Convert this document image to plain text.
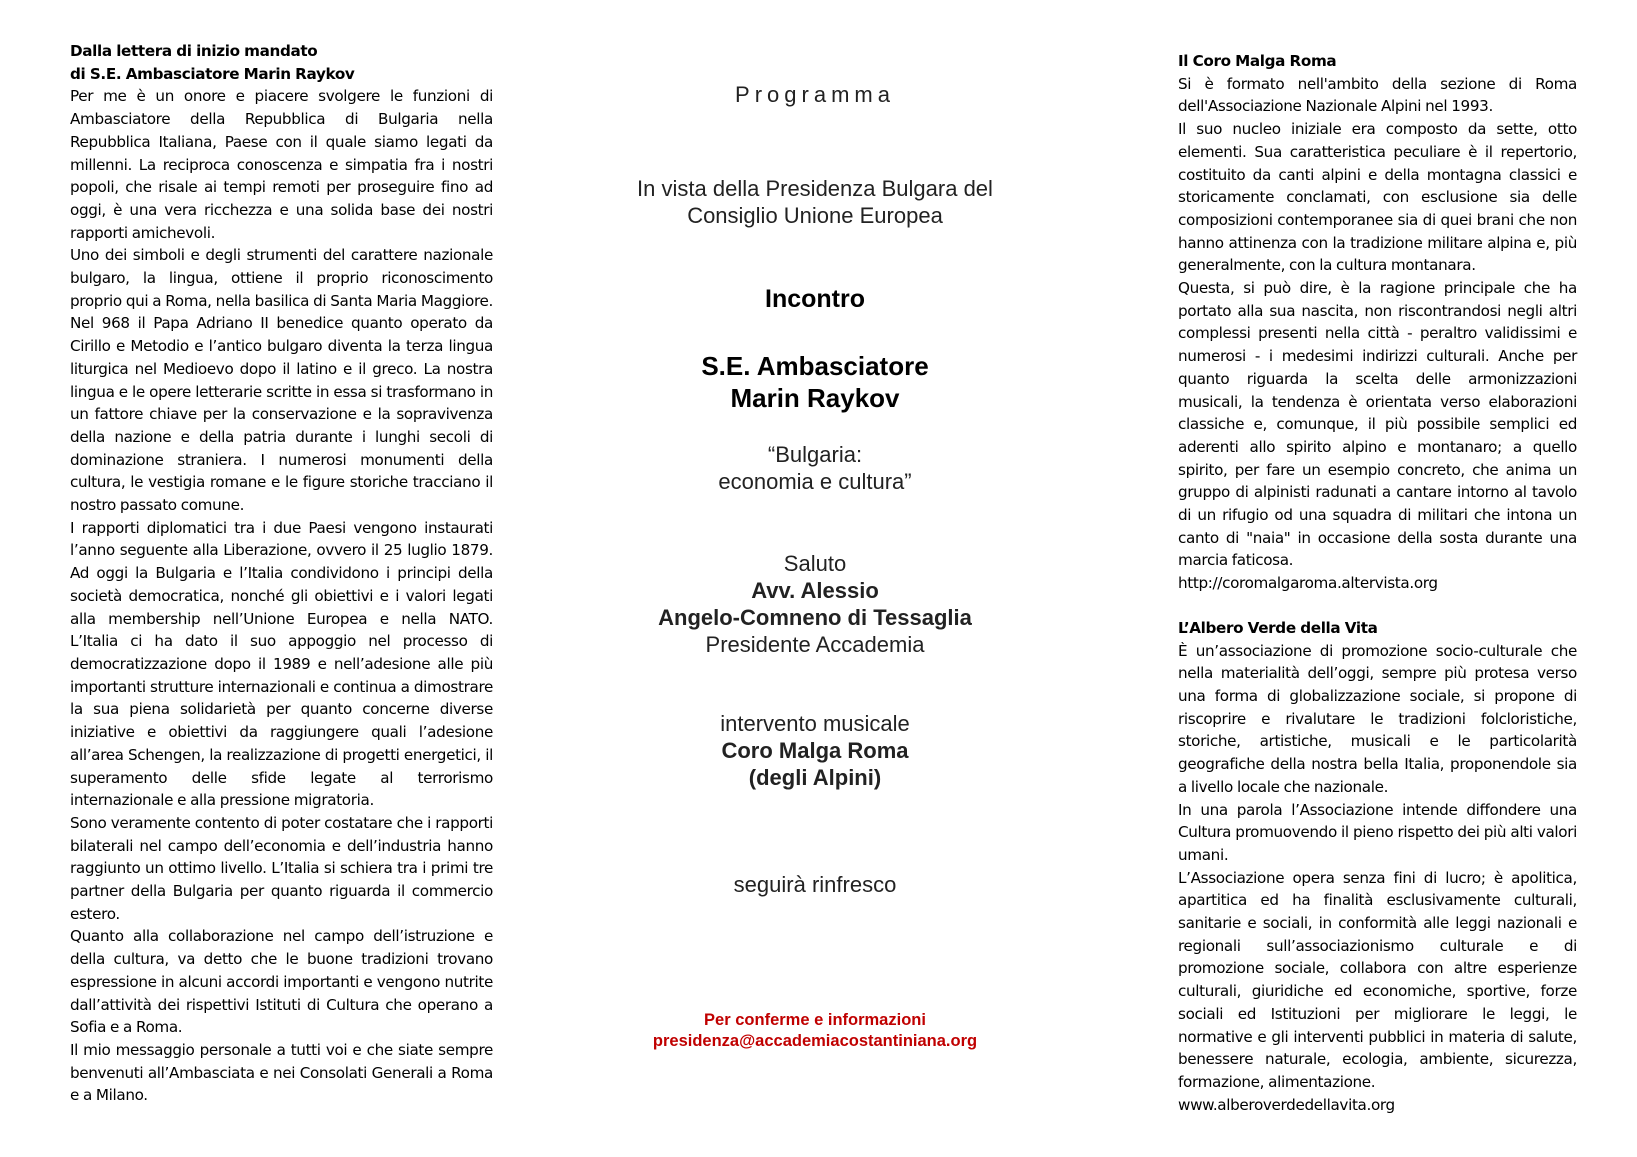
Dalla lettera di inizio mandato

di S.E. Ambasciatore Marin Raykov

Per me è un onore e piacere svolgere le funzioni di Ambasciatore della Repubblica di Bulgaria nella Repubblica Italiana, Paese con il quale siamo legati da millenni. La reciproca conoscenza e simpatia fra i nostri popoli, che risale ai tempi remoti per proseguire fino ad oggi, è una vera ricchezza e una solida base dei nostri rapporti amichevoli.

Uno dei simboli e degli strumenti del carattere nazionale bulgaro, la lingua, ottiene il proprio riconoscimento proprio qui a Roma, nella basilica di Santa Maria Maggiore. Nel 968 il Papa Adriano II benedice quanto operato da Cirillo e Metodio e l’antico bulgaro diventa la terza lingua liturgica nel Medioevo dopo il latino e il greco. La nostra lingua e le opere letterarie scritte in essa si trasformano in un fattore chiave per la conservazione e la sopravivenza della nazione e della patria durante i lunghi secoli di dominazione straniera. I numerosi monumenti della cultura, le vestigia romane e le figure storiche tracciano il nostro passato comune.

I rapporti diplomatici tra i due Paesi vengono instaurati l’anno seguente alla Liberazione, ovvero il 25 luglio 1879. Ad oggi la Bulgaria e l’Italia condividono i principi della società democratica, nonché gli obiettivi e i valori legati alla membership nell’Unione Europea e nella NATO. L’Italia ci ha dato il suo appoggio nel processo di democratizzazione dopo il 1989 e nell’adesione alle più importanti strutture internazionali e continua a dimostrare la sua piena solidarietà per quanto concerne diverse iniziative e obiettivi da raggiungere quali l’adesione all’area Schengen, la realizzazione di progetti energetici, il superamento delle sfide legate al terrorismo internazionale e alla pressione migratoria.

Sono veramente contento di poter costatare che i rapporti bilaterali nel campo dell’economia e dell’industria hanno raggiunto un ottimo livello. L’Italia si schiera tra i primi tre partner della Bulgaria per quanto riguarda il commercio estero.

Quanto alla collaborazione nel campo dell’istruzione e della cultura, va detto che le buone tradizioni trovano espressione in alcuni accordi importanti e vengono nutrite dall’attività dei rispettivi Istituti di Cultura che operano a Sofia e a Roma.

Il mio messaggio personale a tutti voi e che siate sempre benvenuti all’Ambasciata e nei Consolati Generali a Roma e a Milano.

Programma

In vista della Presidenza Bulgara del
Consiglio Unione Europea

Incontro

S.E. Ambasciatore
Marin Raykov

“Bulgaria:
economia e cultura”

Saluto
Avv. Alessio
Angelo-Comneno di Tessaglia
Presidente Accademia

intervento musicale
Coro Malga Roma
(degli Alpini)

seguirà rinfresco

Per conferme e informazioni
presidenza@accademiacostantiniana.org

Il Coro Malga Roma

Si è formato nell'ambito della sezione di Roma dell'Associazione Nazionale Alpini nel 1993.

Il suo nucleo iniziale era composto da sette, otto elementi. Sua caratteristica peculiare è il repertorio, costituito da canti alpini e della montagna classici e storicamente conclamati, con esclusione sia delle composizioni contemporanee sia di quei brani che non hanno attinenza con la tradizione militare alpina e, più generalmente, con la cultura montanara.

Questa, si può dire, è la ragione principale che ha portato alla sua nascita, non riscontrandosi negli altri complessi presenti nella città - peraltro validissimi e numerosi - i medesimi indirizzi culturali. Anche per quanto riguarda la scelta delle armonizzazioni musicali, la tendenza è orientata verso elaborazioni classiche e, comunque, il più possibile semplici ed aderenti allo spirito alpino e montanaro; a quello spirito, per fare un esempio concreto, che anima un gruppo di alpinisti radunati a cantare intorno al tavolo di un rifugio od una squadra di militari che intona un canto di "naia" in occasione della sosta durante una marcia faticosa.

http://coromalgaroma.altervista.org

L’Albero Verde della Vita

È un’associazione di promozione socio-culturale che nella materialità dell’oggi, sempre più protesa verso una forma di globalizzazione sociale, si propone di riscoprire e rivalutare le tradizioni folcloristiche, storiche, artistiche, musicali e le particolarità geografiche della nostra bella Italia, proponendole sia a livello locale che nazionale.

In una parola l’Associazione intende diffondere una Cultura promuovendo il pieno rispetto dei più alti valori umani.

L’Associazione opera senza fini di lucro; è apolitica, apartitica ed ha finalità esclusivamente culturali, sanitarie e sociali, in conformità alle leggi nazionali e regionali sull’associazionismo culturale e di promozione sociale, collabora con altre esperienze culturali, giuridiche ed economiche, sportive, forze sociali ed Istituzioni per migliorare le leggi, le normative e gli interventi pubblici in materia di salute, benessere naturale, ecologia, ambiente, sicurezza, formazione, alimentazione.

www.alberoverdedellavita.org
